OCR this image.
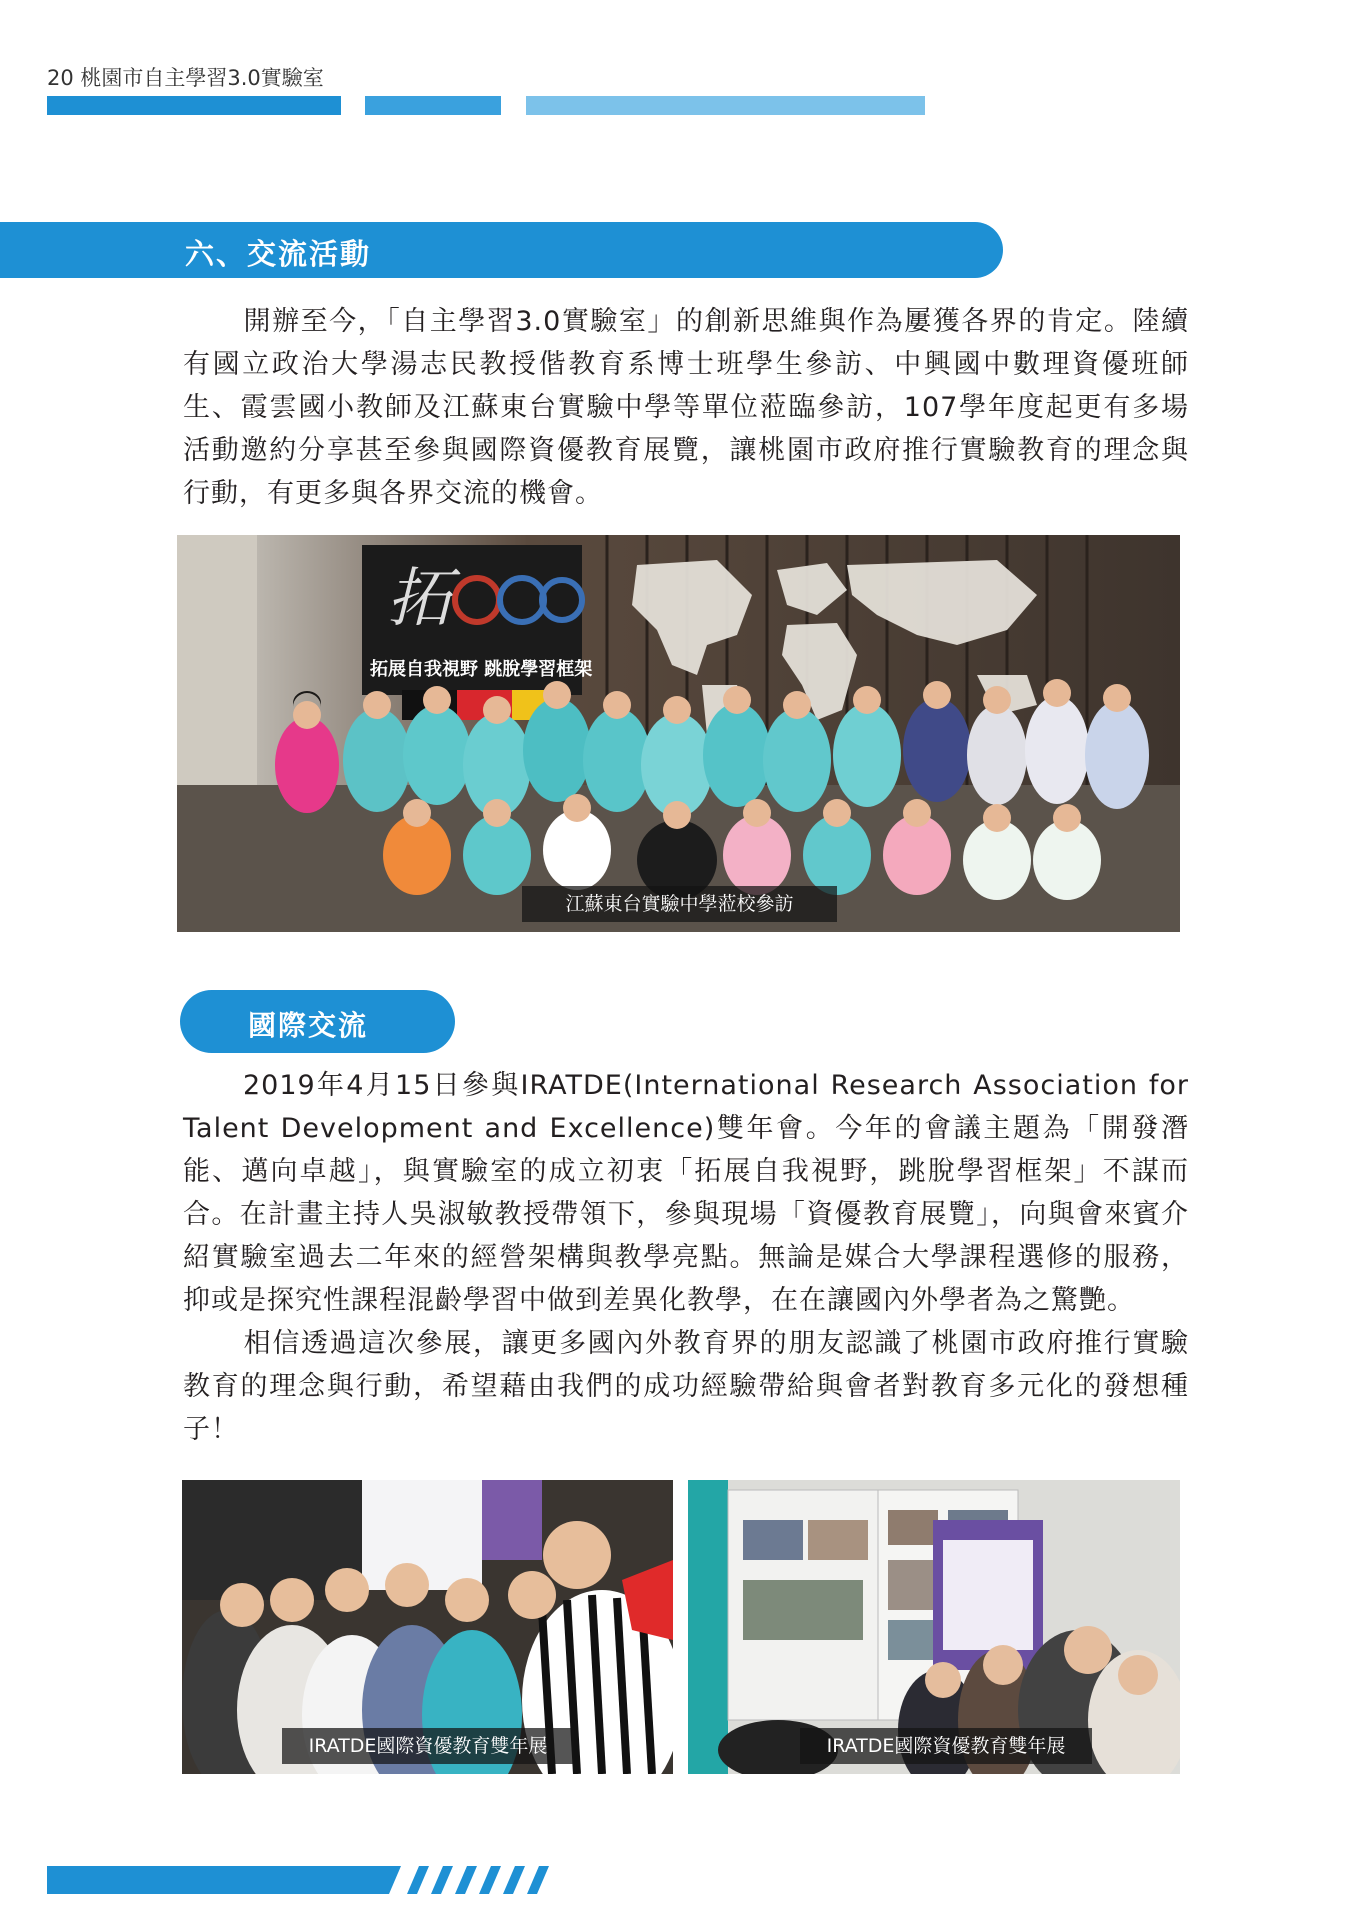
20 桃園市自主學習3.0實驗室
六、交流活動

開辦至今，「自主學習3.0實驗室」的創新思維與作為屢獲各界的肯定。陸續有國立政治大學湯志民教授偕教育系博士班學生參訪、中興國中數理資優班師生、霞雲國小教師及江蘇東台實驗中學等單位蒞臨參訪，107學年度起更有多場活動邀約分享甚至參與國際資優教育展覽，讓桃園市政府推行實驗教育的理念與行動，有更多與各界交流的機會。

拓
拓展自我視野 跳脫學習框架
江蘇東台實驗中學蒞校參訪
國際交流

2019年4月15日參與IRATDE(International Research Association for Talent Development and Excellence)雙年會。今年的會議主題為「開發潛能、邁向卓越」，與實驗室的成立初衷「拓展自我視野，跳脫學習框架」不謀而合。在計畫主持人吳淑敏教授帶領下，參與現場「資優教育展覽」，向與會來賓介紹實驗室過去二年來的經營架構與教學亮點。無論是媒合大學課程選修的服務，抑或是探究性課程混齡學習中做到差異化教學，在在讓國內外學者為之驚艷。

相信透過這次參展，讓更多國內外教育界的朋友認識了桃園市政府推行實驗教育的理念與行動，希望藉由我們的成功經驗帶給與會者對教育多元化的發想種子！

IRATDE國際資優教育雙年展	IRATDE國際資優教育雙年展
